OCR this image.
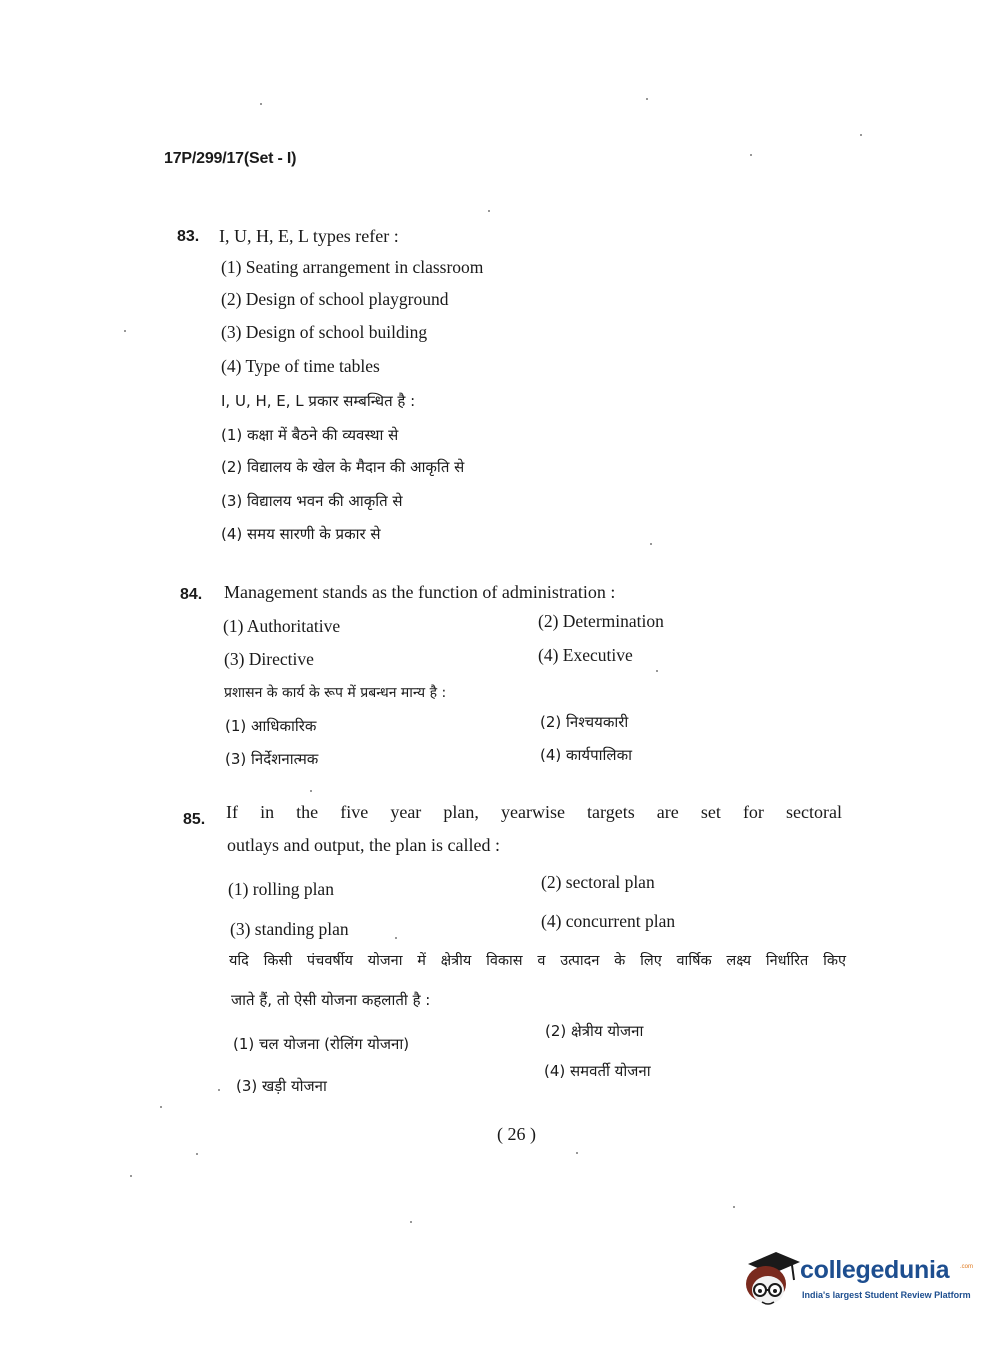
17P/299/17(Set - I)
83. I, U, H, E, L types refer :
(1) Seating arrangement in classroom
(2) Design of school playground
(3) Design of school building
(4) Type of time tables
I, U, H, E, L प्रकार सम्बन्धित है :
(1) कक्षा में बैठने की व्यवस्था से
(2) विद्यालय के खेल के मैदान की आकृति से
(3) विद्यालय भवन की आकृति से
(4) समय सारणी के प्रकार से
84. Management stands as the function of administration :
(1) Authoritative	(2) Determination
(3) Directive	(4) Executive
प्रशासन के कार्य के रूप में प्रबन्धन मान्य है :
(1) आधिकारिक	(2) निश्चयकारी
(3) निर्देशनात्मक	(4) कार्यपालिका
85. If in the five year plan, yearwise targets are set for sectoral
outlays and output, the plan is called :
(1) rolling plan	(2) sectoral plan
(3) standing plan	(4) concurrent plan
यदि किसी पंचवर्षीय योजना में क्षेत्रीय विकास व उत्पादन के लिए वार्षिक लक्ष्य निर्धारित किए
जाते हैं, तो ऐसी योजना कहलाती है :
(1) चल योजना (रोलिंग योजना)
(2) क्षेत्रीय योजना
(3) खड़ी योजना
(4) समवर्ती योजना
( 26 )
collegedunia .com
India's largest Student Review Platform
